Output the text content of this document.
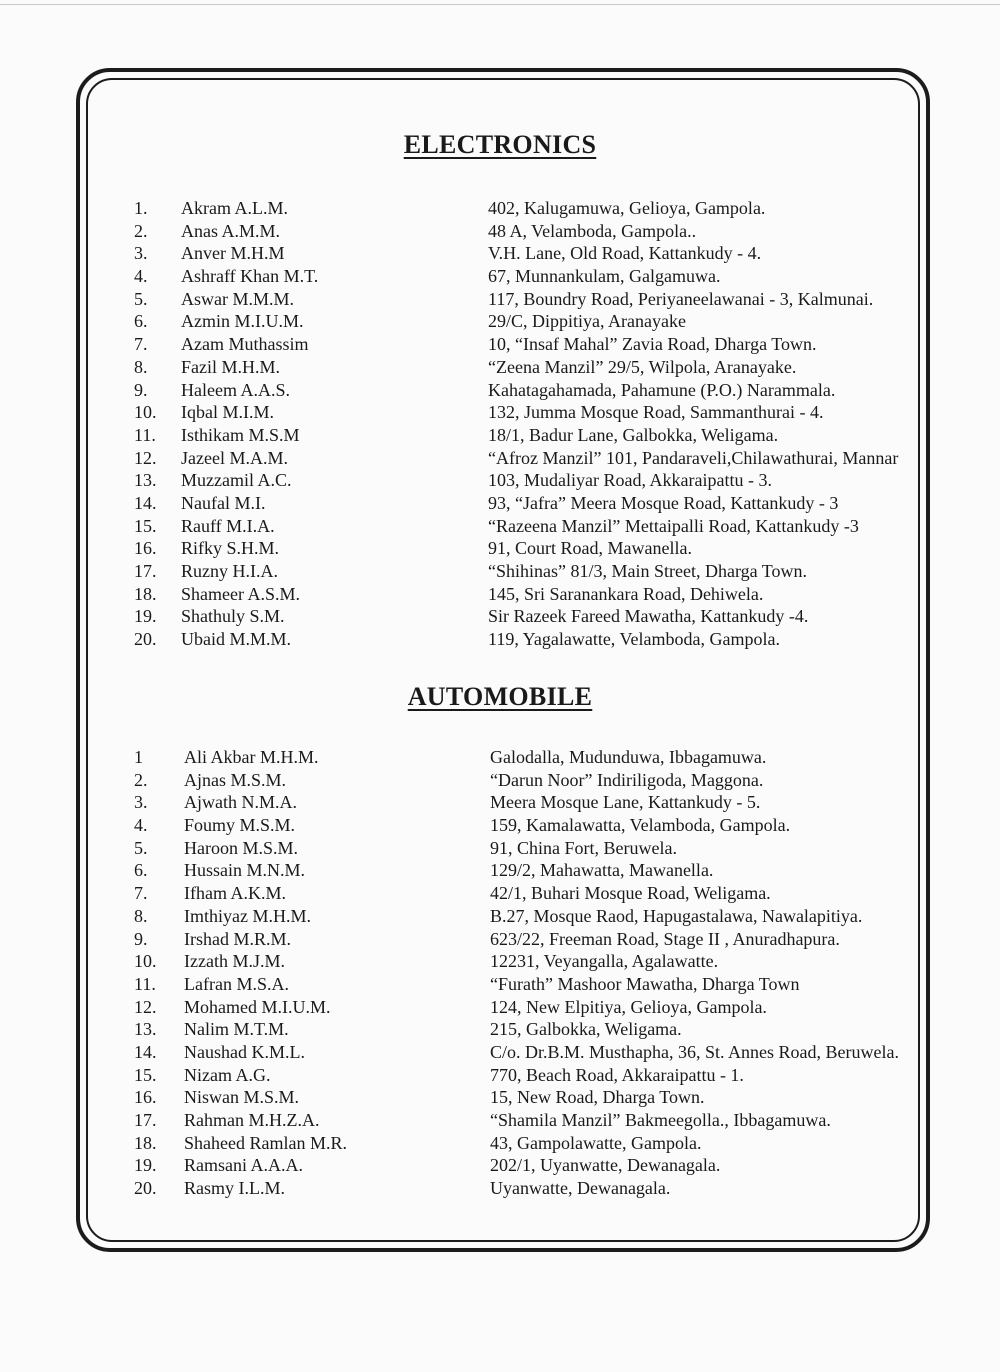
ELECTRONICS
1. Akram A.L.M.	402, Kalugamuwa, Gelioya, Gampola.
2. Anas A.M.M.	48 A, Velamboda, Gampola..
3. Anver M.H.M	V.H. Lane, Old Road, Kattankudy - 4.
4. Ashraff Khan M.T.	67, Munnankulam, Galgamuwa.
5. Aswar M.M.M.	117, Boundry Road, Periyaneelawanai - 3, Kalmunai.
6. Azmin M.I.U.M.	29/C, Dippitiya, Aranayake
7. Azam Muthassim	10, “Insaf Mahal” Zavia Road, Dharga Town.
8. Fazil M.H.M.	“Zeena Manzil” 29/5, Wilpola, Aranayake.
9. Haleem A.A.S.	Kahatagahamada, Pahamune (P.O.) Narammala.
10. Iqbal M.I.M.	132, Jumma Mosque Road, Sammanthurai - 4.
11. Isthikam M.S.M	18/1, Badur Lane, Galbokka, Weligama.
12. Jazeel M.A.M.	“Afroz Manzil” 101, Pandaraveli,Chilawathurai, Mannar
13. Muzzamil A.C.	103, Mudaliyar Road, Akkaraipattu - 3.
14. Naufal M.I.	93, “Jafra” Meera Mosque Road, Kattankudy - 3
15. Rauff M.I.A.	“Razeena Manzil” Mettaipalli Road, Kattankudy -3
16. Rifky S.H.M.	91, Court Road, Mawanella.
17. Ruzny H.I.A.	“Shihinas” 81/3, Main Street, Dharga Town.
18. Shameer A.S.M.	145, Sri Saranankara Road, Dehiwela.
19. Shathuly S.M.	Sir Razeek Fareed Mawatha, Kattankudy -4.
20. Ubaid M.M.M.	119, Yagalawatte, Velamboda, Gampola.
AUTOMOBILE
1 Ali Akbar M.H.M.	Galodalla, Mudunduwa, Ibbagamuwa.
2. Ajnas M.S.M.	“Darun Noor” Indiriligoda, Maggona.
3. Ajwath N.M.A.	Meera Mosque Lane, Kattankudy - 5.
4. Foumy M.S.M.	159, Kamalawatta, Velamboda, Gampola.
5. Haroon M.S.M.	91, China Fort, Beruwela.
6. Hussain M.N.M.	129/2, Mahawatta, Mawanella.
7. Ifham A.K.M.	42/1, Buhari Mosque Road, Weligama.
8. Imthiyaz M.H.M.	B.27, Mosque Raod, Hapugastalawa, Nawalapitiya.
9. Irshad M.R.M.	623/22, Freeman Road, Stage II , Anuradhapura.
10. Izzath M.J.M.	12231, Veyangalla, Agalawatte.
11. Lafran M.S.A.	“Furath” Mashoor Mawatha, Dharga Town
12. Mohamed M.I.U.M.	124, New Elpitiya, Gelioya, Gampola.
13. Nalim M.T.M.	215, Galbokka, Weligama.
14. Naushad K.M.L.	C/o. Dr.B.M. Musthapha, 36, St. Annes Road, Beruwela.
15. Nizam A.G.	770, Beach Road, Akkaraipattu - 1.
16. Niswan M.S.M.	15, New Road, Dharga Town.
17. Rahman M.H.Z.A.	“Shamila Manzil” Bakmeegolla., Ibbagamuwa.
18. Shaheed Ramlan M.R.	43, Gampolawatte, Gampola.
19. Ramsani A.A.A.	202/1, Uyanwatte, Dewanagala.
20. Rasmy I.L.M.	Uyanwatte, Dewanagala.
